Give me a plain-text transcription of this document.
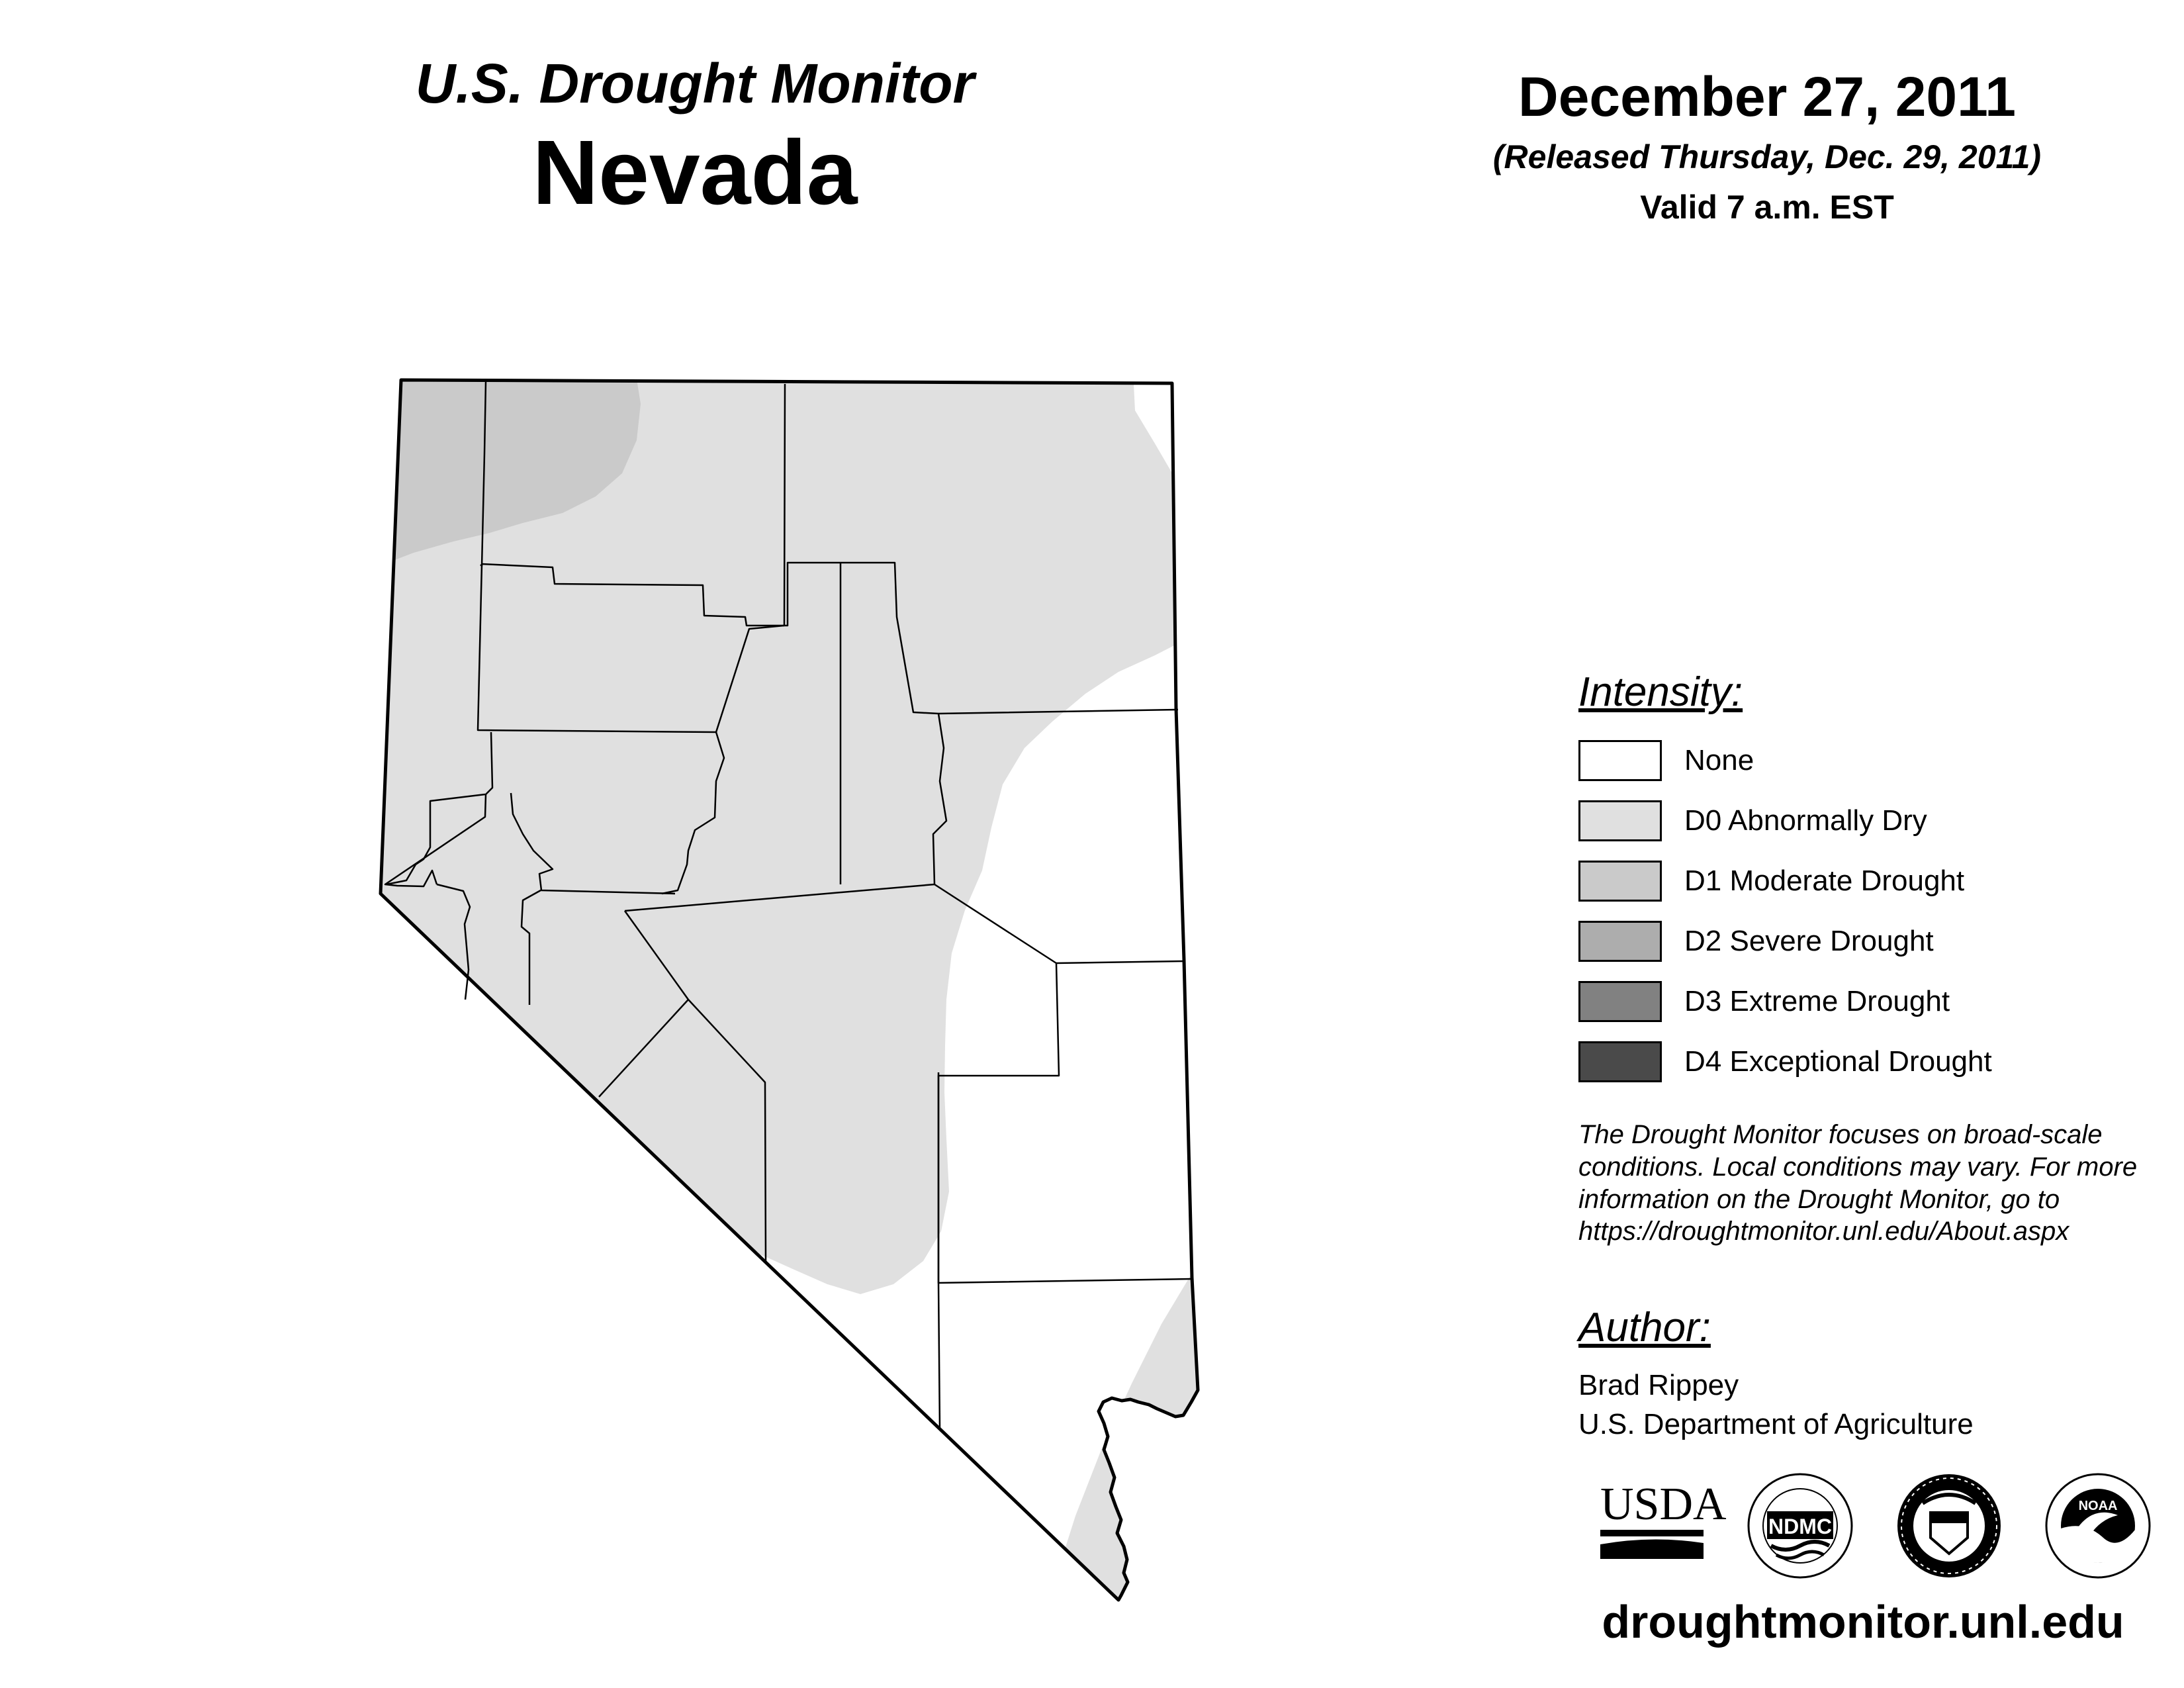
U.S. Drought Monitor
Nevada
December 27, 2011
(Released Thursday, Dec. 29, 2011)
Valid 7 a.m. EST
Intensity:
None
D0 Abnormally Dry
D1 Moderate Drought
D2 Severe Drought
D3 Extreme Drought
D4 Exceptional Drought
The Drought Monitor focuses on broad-scale conditions. Local conditions may vary. For more information on the Drought Monitor, go to https://droughtmonitor.unl.edu/About.aspx
Author:
Brad Rippey
U.S. Department of Agriculture
USDA NDMC
NOAA
droughtmonitor.unl.edu
